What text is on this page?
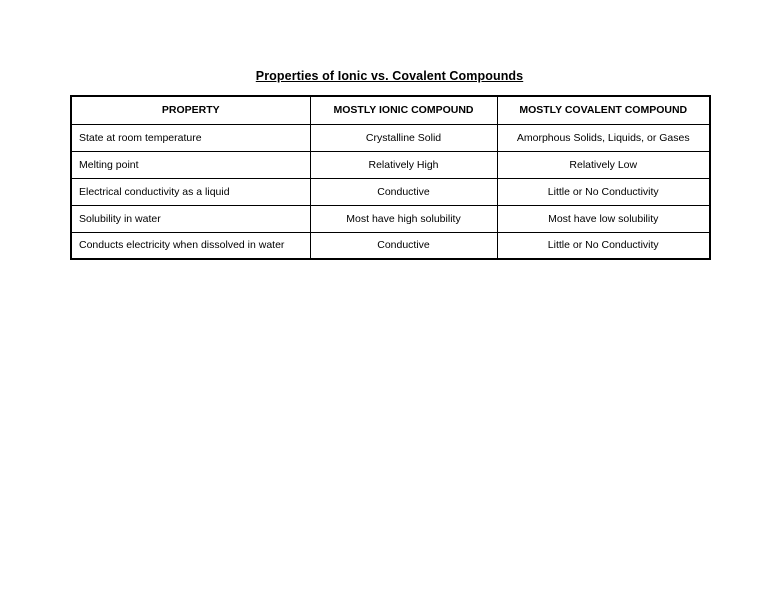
Properties of Ionic vs. Covalent Compounds
PROPERTY	MOSTLY IONIC COMPOUND	MOSTLY COVALENT COMPOUND
State at room temperature	Crystalline Solid	Amorphous Solids, Liquids, or Gases
Melting point	Relatively High	Relatively Low
Electrical conductivity as a liquid	Conductive	Little or No Conductivity
Solubility in water	Most have high solubility	Most have low solubility
Conducts electricity when dissolved in water	Conductive	Little or No Conductivity
